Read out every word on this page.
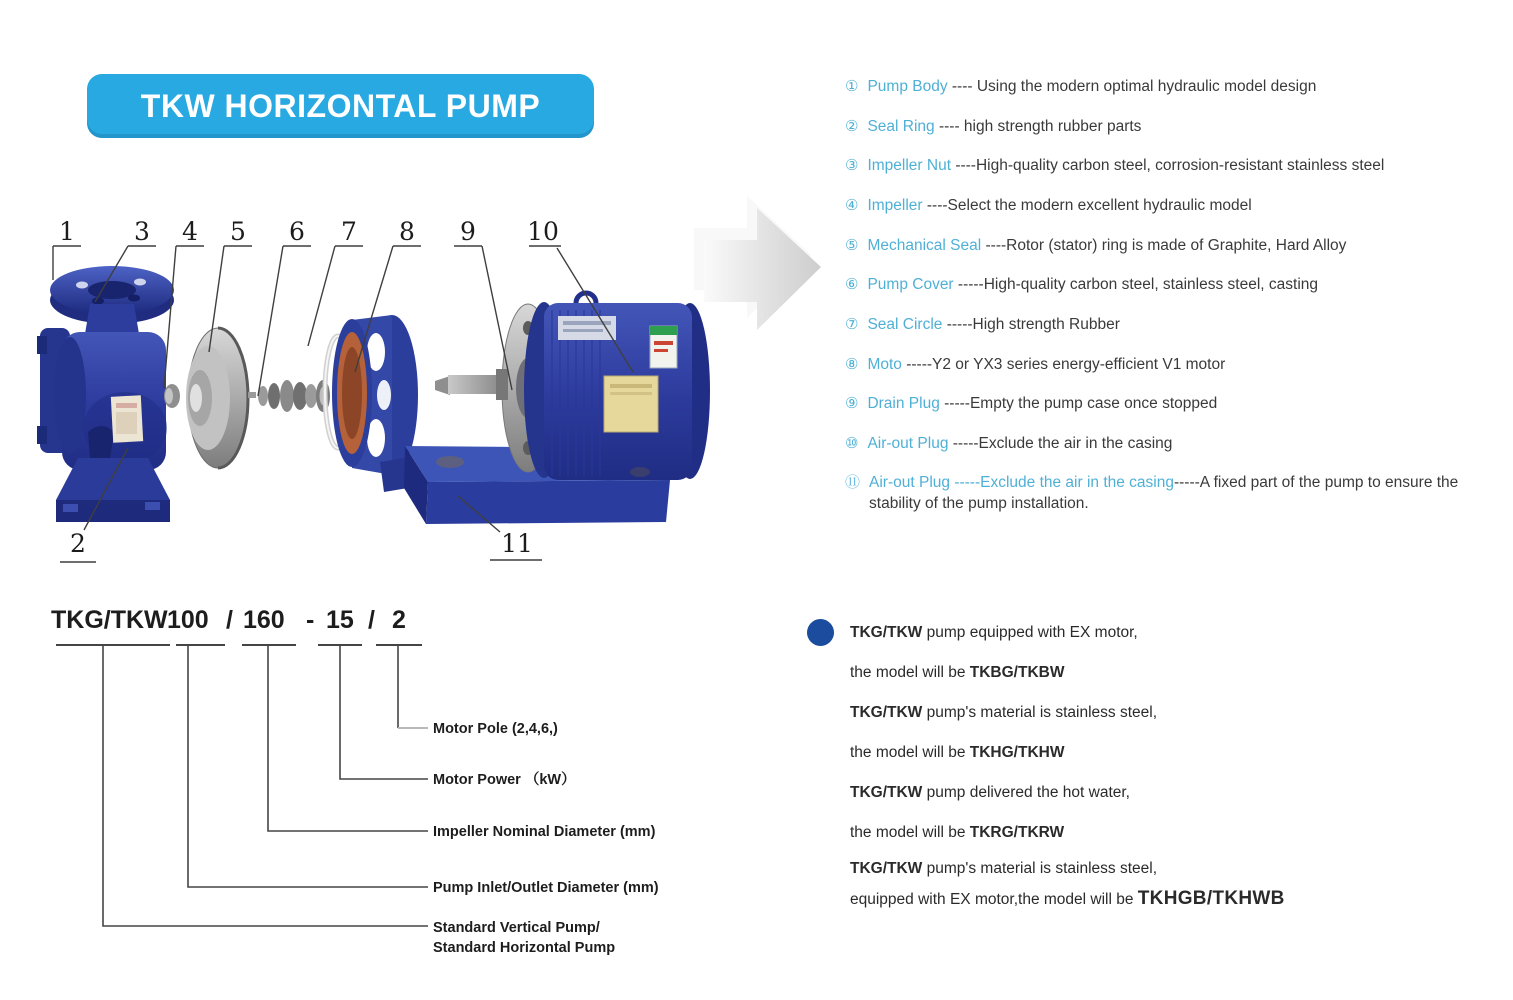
TKW HORIZONTAL PUMP
1 3 4 5 6 7 8 9 10
2	11
① Pump Body ---- Using the modern optimal hydraulic model design
② Seal Ring ---- high strength rubber parts
③ Impeller Nut ----High-quality carbon steel, corrosion-resistant stainless steel
④ Impeller ----Select the modern excellent hydraulic model
⑤ Mechanical Seal ----Rotor (stator) ring is made of Graphite, Hard Alloy
⑥ Pump Cover -----High-quality carbon steel, stainless steel, casting
⑦ Seal Circle -----High strength Rubber
⑧ Moto -----Y2 or YX3 series energy-efficient V1 motor
⑨ Drain Plug -----Empty the pump case once stopped
⑩ Air-out Plug -----Exclude the air in the casing
⑪ Air-out Plug -----Exclude the air in the casing-----A fixed part of the pump to ensure the stability of the pump installation.
TKG/TKW 100 / 160 - 15 / 2
Motor Pole (2,4,6,)
Motor Power （kW）
Impeller Nominal Diameter (mm)
Pump Inlet/Outlet Diameter (mm)
Standard Vertical Pump/
Standard Horizontal Pump
TKG/TKW pump equipped with EX motor,
the model will be TKBG/TKBW
TKG/TKW pump's material is stainless steel,
the model will be TKHG/TKHW
TKG/TKW pump delivered the hot water,
the model will be TKRG/TKRW
TKG/TKW pump's material is stainless steel,
equipped with EX motor,the model will be TKHGB/TKHWB
